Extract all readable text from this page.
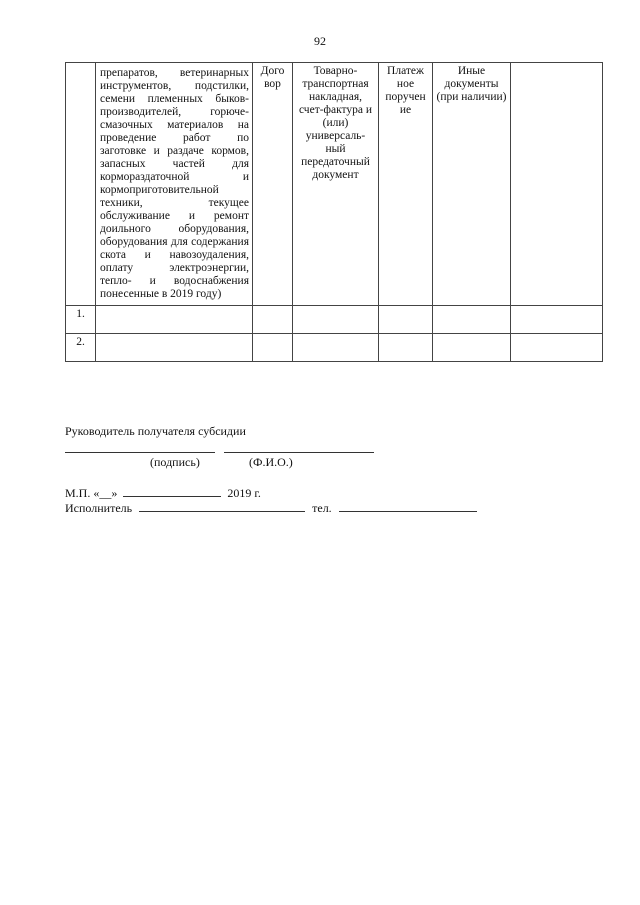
92
	препаратов, ветеринарных инструментов, подстилки, семени племенных быков-производителей, горюче-смазочных материалов на проведение работ по заготовке и раздаче кормов, запасных частей для кормораздаточной и кормоприготовительной техники, текущее обслуживание и ремонт доильного оборудования, оборудования для содержания скота и навозоудаления, оплату электроэнергии, тепло- и водоснабжения понесенные в 2019 году)	Дого вор	Товарно-транспортная накладная, счет-фактура и (или) универсаль-ный передаточный документ	Платеж ное поручен ие	Иные документы (при наличии)	
1.						
2.						
Руководитель получателя субсидии

(подпись)	(Ф.И.О.)
М.П. «__»	2019 г.
Исполнитель	тел.
